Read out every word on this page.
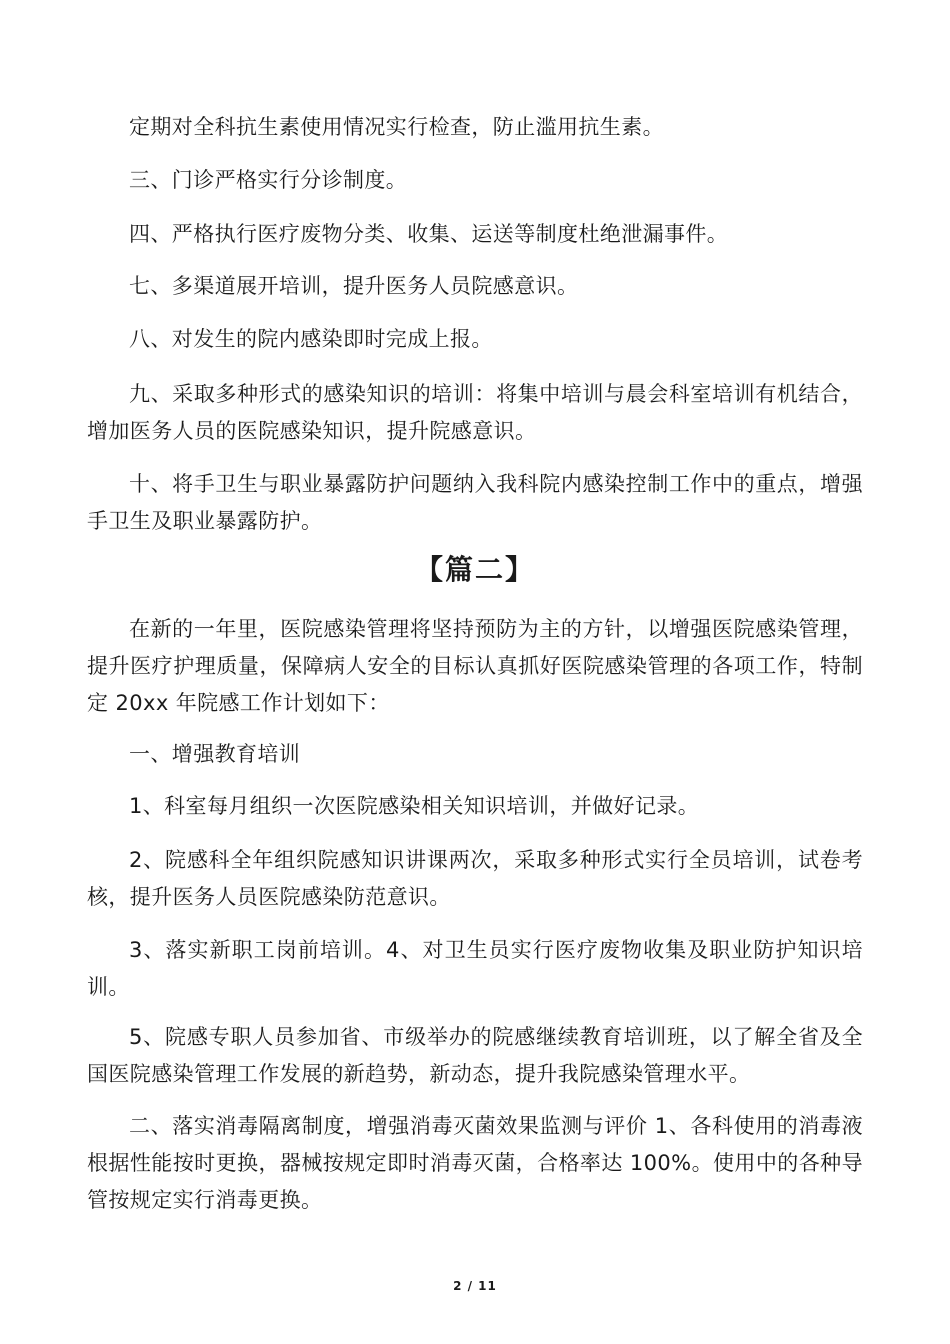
定期对全科抗生素使用情况实行检查，防止滥用抗生素。

三、门诊严格实行分诊制度。

四、严格执行医疗废物分类、收集、运送等制度杜绝泄漏事件。

七、多渠道展开培训，提升医务人员院感意识。

八、对发生的院内感染即时完成上报。

九、采取多种形式的感染知识的培训：将集中培训与晨会科室培训有机结合，增加医务人员的医院感染知识，提升院感意识。

十、将手卫生与职业暴露防护问题纳入我科院内感染控制工作中的重点，增强手卫生及职业暴露防护。

【篇二】

在新的一年里，医院感染管理将坚持预防为主的方针，以增强医院感染管理，提升医疗护理质量，保障病人安全的目标认真抓好医院感染管理的各项工作，特制定 20xx 年院感工作计划如下：

一、增强教育培训

1、科室每月组织一次医院感染相关知识培训，并做好记录。

2、院感科全年组织院感知识讲课两次，采取多种形式实行全员培训，试卷考核，提升医务人员医院感染防范意识。

3、落实新职工岗前培训。4、对卫生员实行医疗废物收集及职业防护知识培训。

5、院感专职人员参加省、市级举办的院感继续教育培训班，以了解全省及全国医院感染管理工作发展的新趋势，新动态，提升我院感染管理水平。

二、落实消毒隔离制度，增强消毒灭菌效果监测与评价 1、各科使用的消毒液根据性能按时更换，器械按规定即时消毒灭菌，合格率达 100%。使用中的各种导管按规定实行消毒更换。

2 / 11
